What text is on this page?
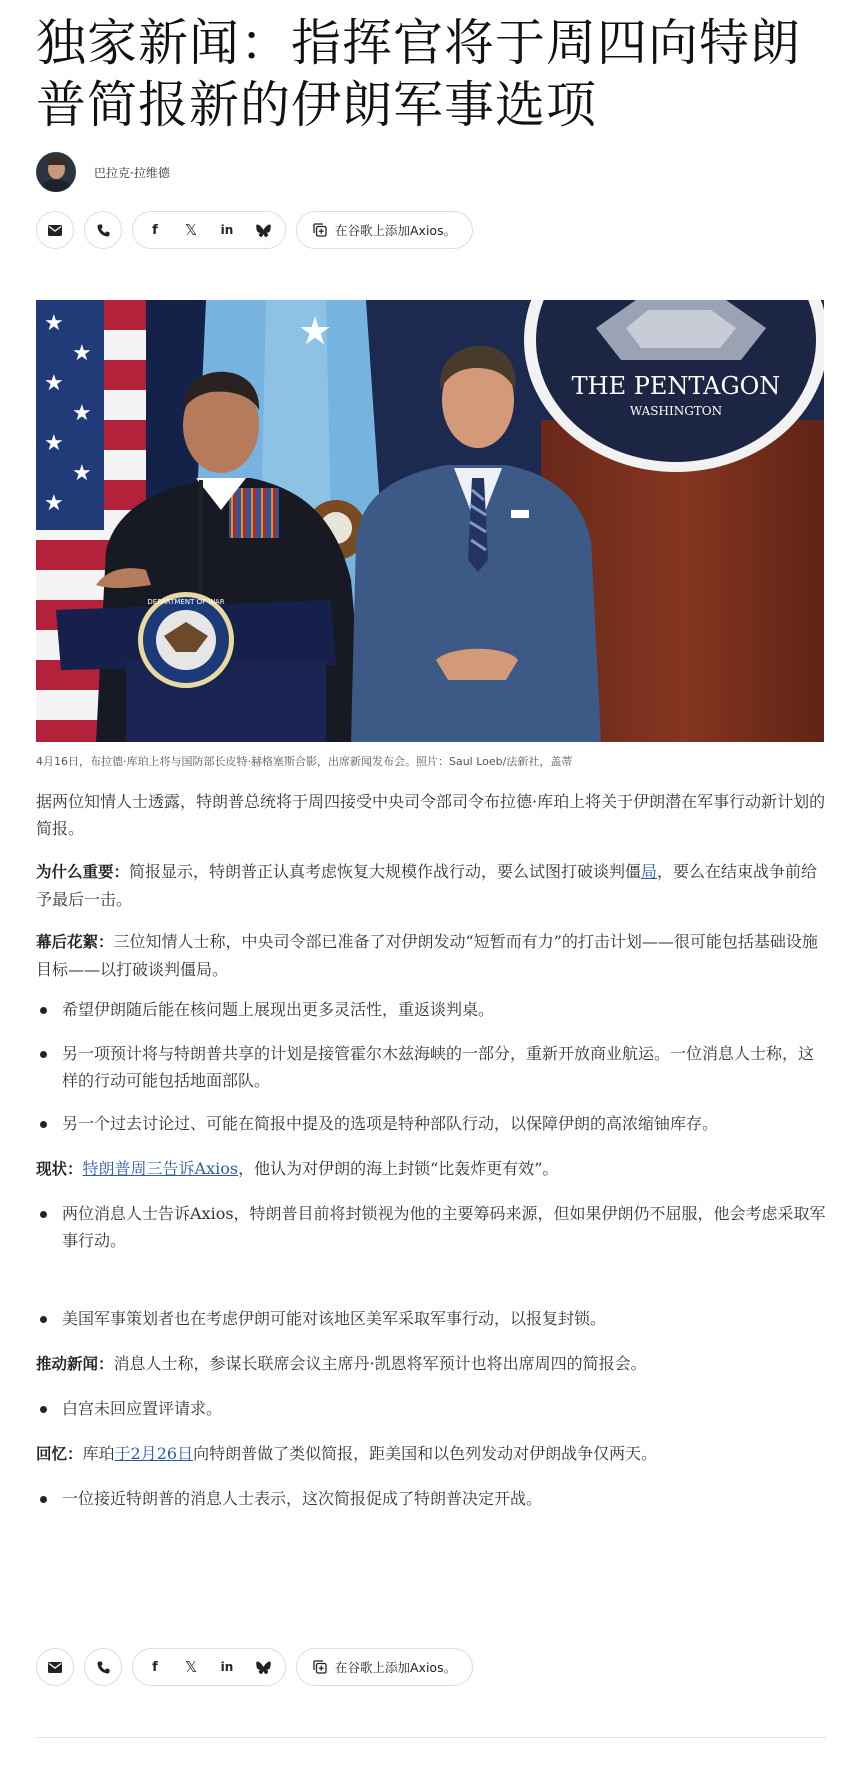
独家新闻：指挥官将于周四向特朗普简报新的伊朗军事选项
巴拉克·拉维德
f 𝕏 in	在谷歌上添加Axios。
★
★
★
★
★
★
★
★
THE PENTAGON
WASHINGTON
DEPARTMENT OF WAR
4月16日，布拉德·库珀上将与国防部长皮特·赫格塞斯合影，出席新闻发布会。照片：Saul Loeb/法新社，盖蒂

据两位知情人士透露，特朗普总统将于周四接受中央司令部司令布拉德·库珀上将关于伊朗潜在军事行动新计划的简报。

为什么重要：简报显示，特朗普正认真考虑恢复大规模作战行动，要么试图打破谈判僵局，要么在结束战争前给予最后一击。

幕后花絮：三位知情人士称，中央司令部已准备了对伊朗发动“短暂而有力”的打击计划——很可能包括基础设施目标——以打破谈判僵局。

希望伊朗随后能在核问题上展现出更多灵活性，重返谈判桌。
另一项预计将与特朗普共享的计划是接管霍尔木兹海峡的一部分，重新开放商业航运。一位消息人士称，这样的行动可能包括地面部队。
另一个过去讨论过、可能在简报中提及的选项是特种部队行动，以保障伊朗的高浓缩铀库存。

现状：特朗普周三告诉Axios，他认为对伊朗的海上封锁“比轰炸更有效”。

两位消息人士告诉Axios，特朗普目前将封锁视为他的主要筹码来源，但如果伊朗仍不屈服，他会考虑采取军事行动。
美国军事策划者也在考虑伊朗可能对该地区美军采取军事行动，以报复封锁。

推动新闻：消息人士称，参谋长联席会议主席丹·凯恩将军预计也将出席周四的简报会。

白宫未回应置评请求。

回忆：库珀于2月26日向特朗普做了类似简报，距美国和以色列发动对伊朗战争仅两天。

一位接近特朗普的消息人士表示，这次简报促成了特朗普决定开战。
f 𝕏 in	在谷歌上添加Axios。
